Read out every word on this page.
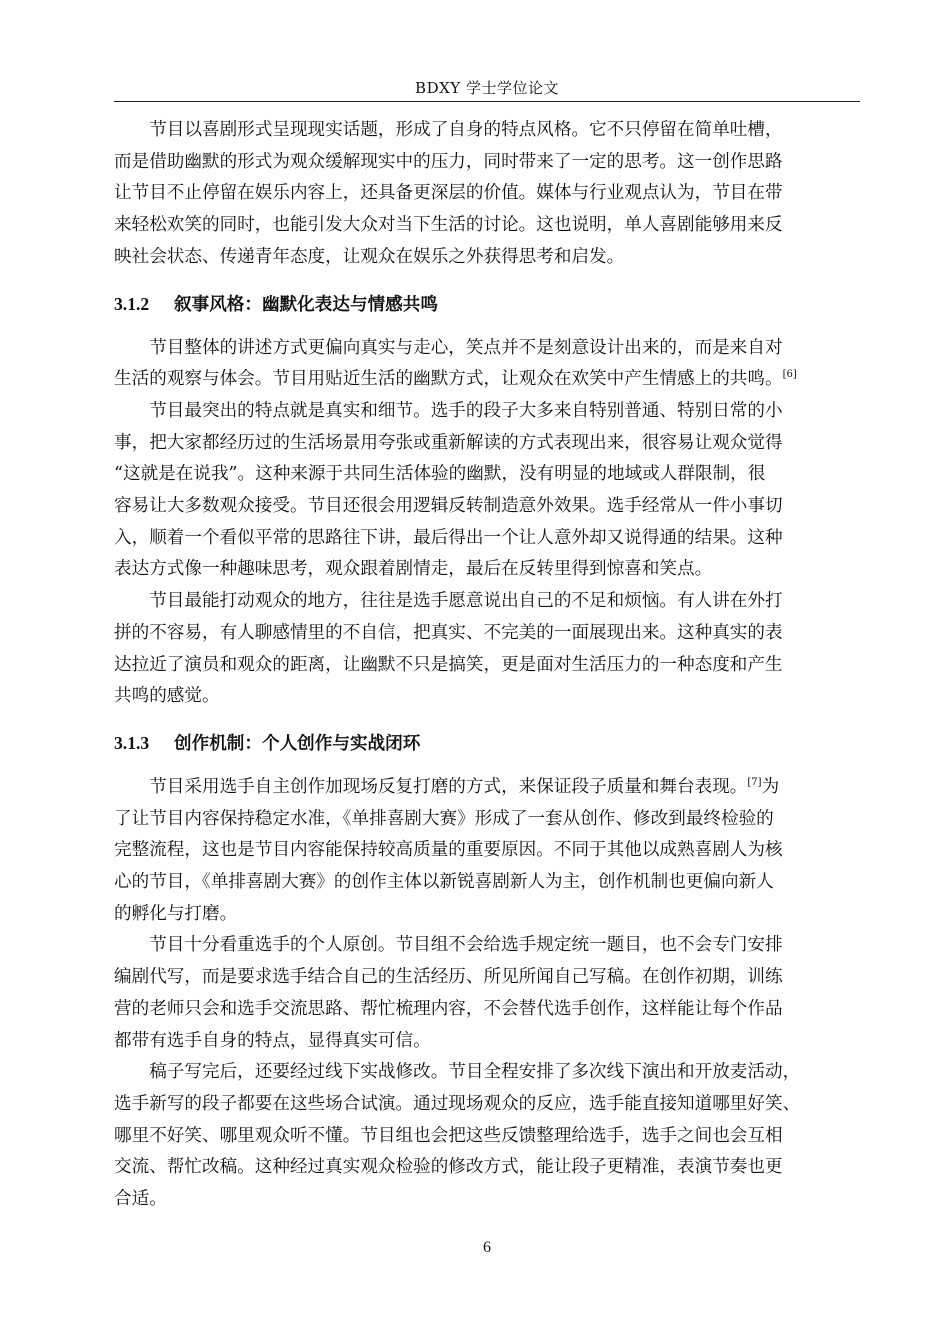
BDXY 学士学位论文

节目以喜剧形式呈现现实话题，形成了自身的特点风格。它不只停留在简单吐槽，
而是借助幽默的形式为观众缓解现实中的压力，同时带来了一定的思考。这一创作思路
让节目不止停留在娱乐内容上，还具备更深层的价值。媒体与行业观点认为，节目在带
来轻松欢笑的同时，也能引发大众对当下生活的讨论。这也说明，单人喜剧能够用来反
映社会状态、传递青年态度，让观众在娱乐之外获得思考和启发。

3.1.2 叙事风格：幽默化表达与情感共鸣

节目整体的讲述方式更偏向真实与走心，笑点并不是刻意设计出来的，而是来自对
生活的观察与体会。节目用贴近生活的幽默方式，让观众在欢笑中产生情感上的共鸣。[6]

节目最突出的特点就是真实和细节。选手的段子大多来自特别普通、特别日常的小
事，把大家都经历过的生活场景用夸张或重新解读的方式表现出来，很容易让观众觉得
“这就是在说我”。这种来源于共同生活体验的幽默，没有明显的地域或人群限制，很
容易让大多数观众接受。节目还很会用逻辑反转制造意外效果。选手经常从一件小事切
入，顺着一个看似平常的思路往下讲，最后得出一个让人意外却又说得通的结果。这种
表达方式像一种趣味思考，观众跟着剧情走，最后在反转里得到惊喜和笑点。

节目最能打动观众的地方，往往是选手愿意说出自己的不足和烦恼。有人讲在外打
拼的不容易，有人聊感情里的不自信，把真实、不完美的一面展现出来。这种真实的表
达拉近了演员和观众的距离，让幽默不只是搞笑，更是面对生活压力的一种态度和产生
共鸣的感觉。

3.1.3 创作机制：个人创作与实战闭环

节目采用选手自主创作加现场反复打磨的方式，来保证段子质量和舞台表现。[7]为
了让节目内容保持稳定水准，《单排喜剧大赛》形成了一套从创作、修改到最终检验的
完整流程，这也是节目内容能保持较高质量的重要原因。不同于其他以成熟喜剧人为核
心的节目，《单排喜剧大赛》的创作主体以新锐喜剧新人为主，创作机制也更偏向新人
的孵化与打磨。

节目十分看重选手的个人原创。节目组不会给选手规定统一题目，也不会专门安排
编剧代写，而是要求选手结合自己的生活经历、所见所闻自己写稿。在创作初期，训练
营的老师只会和选手交流思路、帮忙梳理内容，不会替代选手创作，这样能让每个作品
都带有选手自身的特点，显得真实可信。

稿子写完后，还要经过线下实战修改。节目全程安排了多次线下演出和开放麦活动，
选手新写的段子都要在这些场合试演。通过现场观众的反应，选手能直接知道哪里好笑、
哪里不好笑、哪里观众听不懂。节目组也会把这些反馈整理给选手，选手之间也会互相
交流、帮忙改稿。这种经过真实观众检验的修改方式，能让段子更精准，表演节奏也更
合适。

6
